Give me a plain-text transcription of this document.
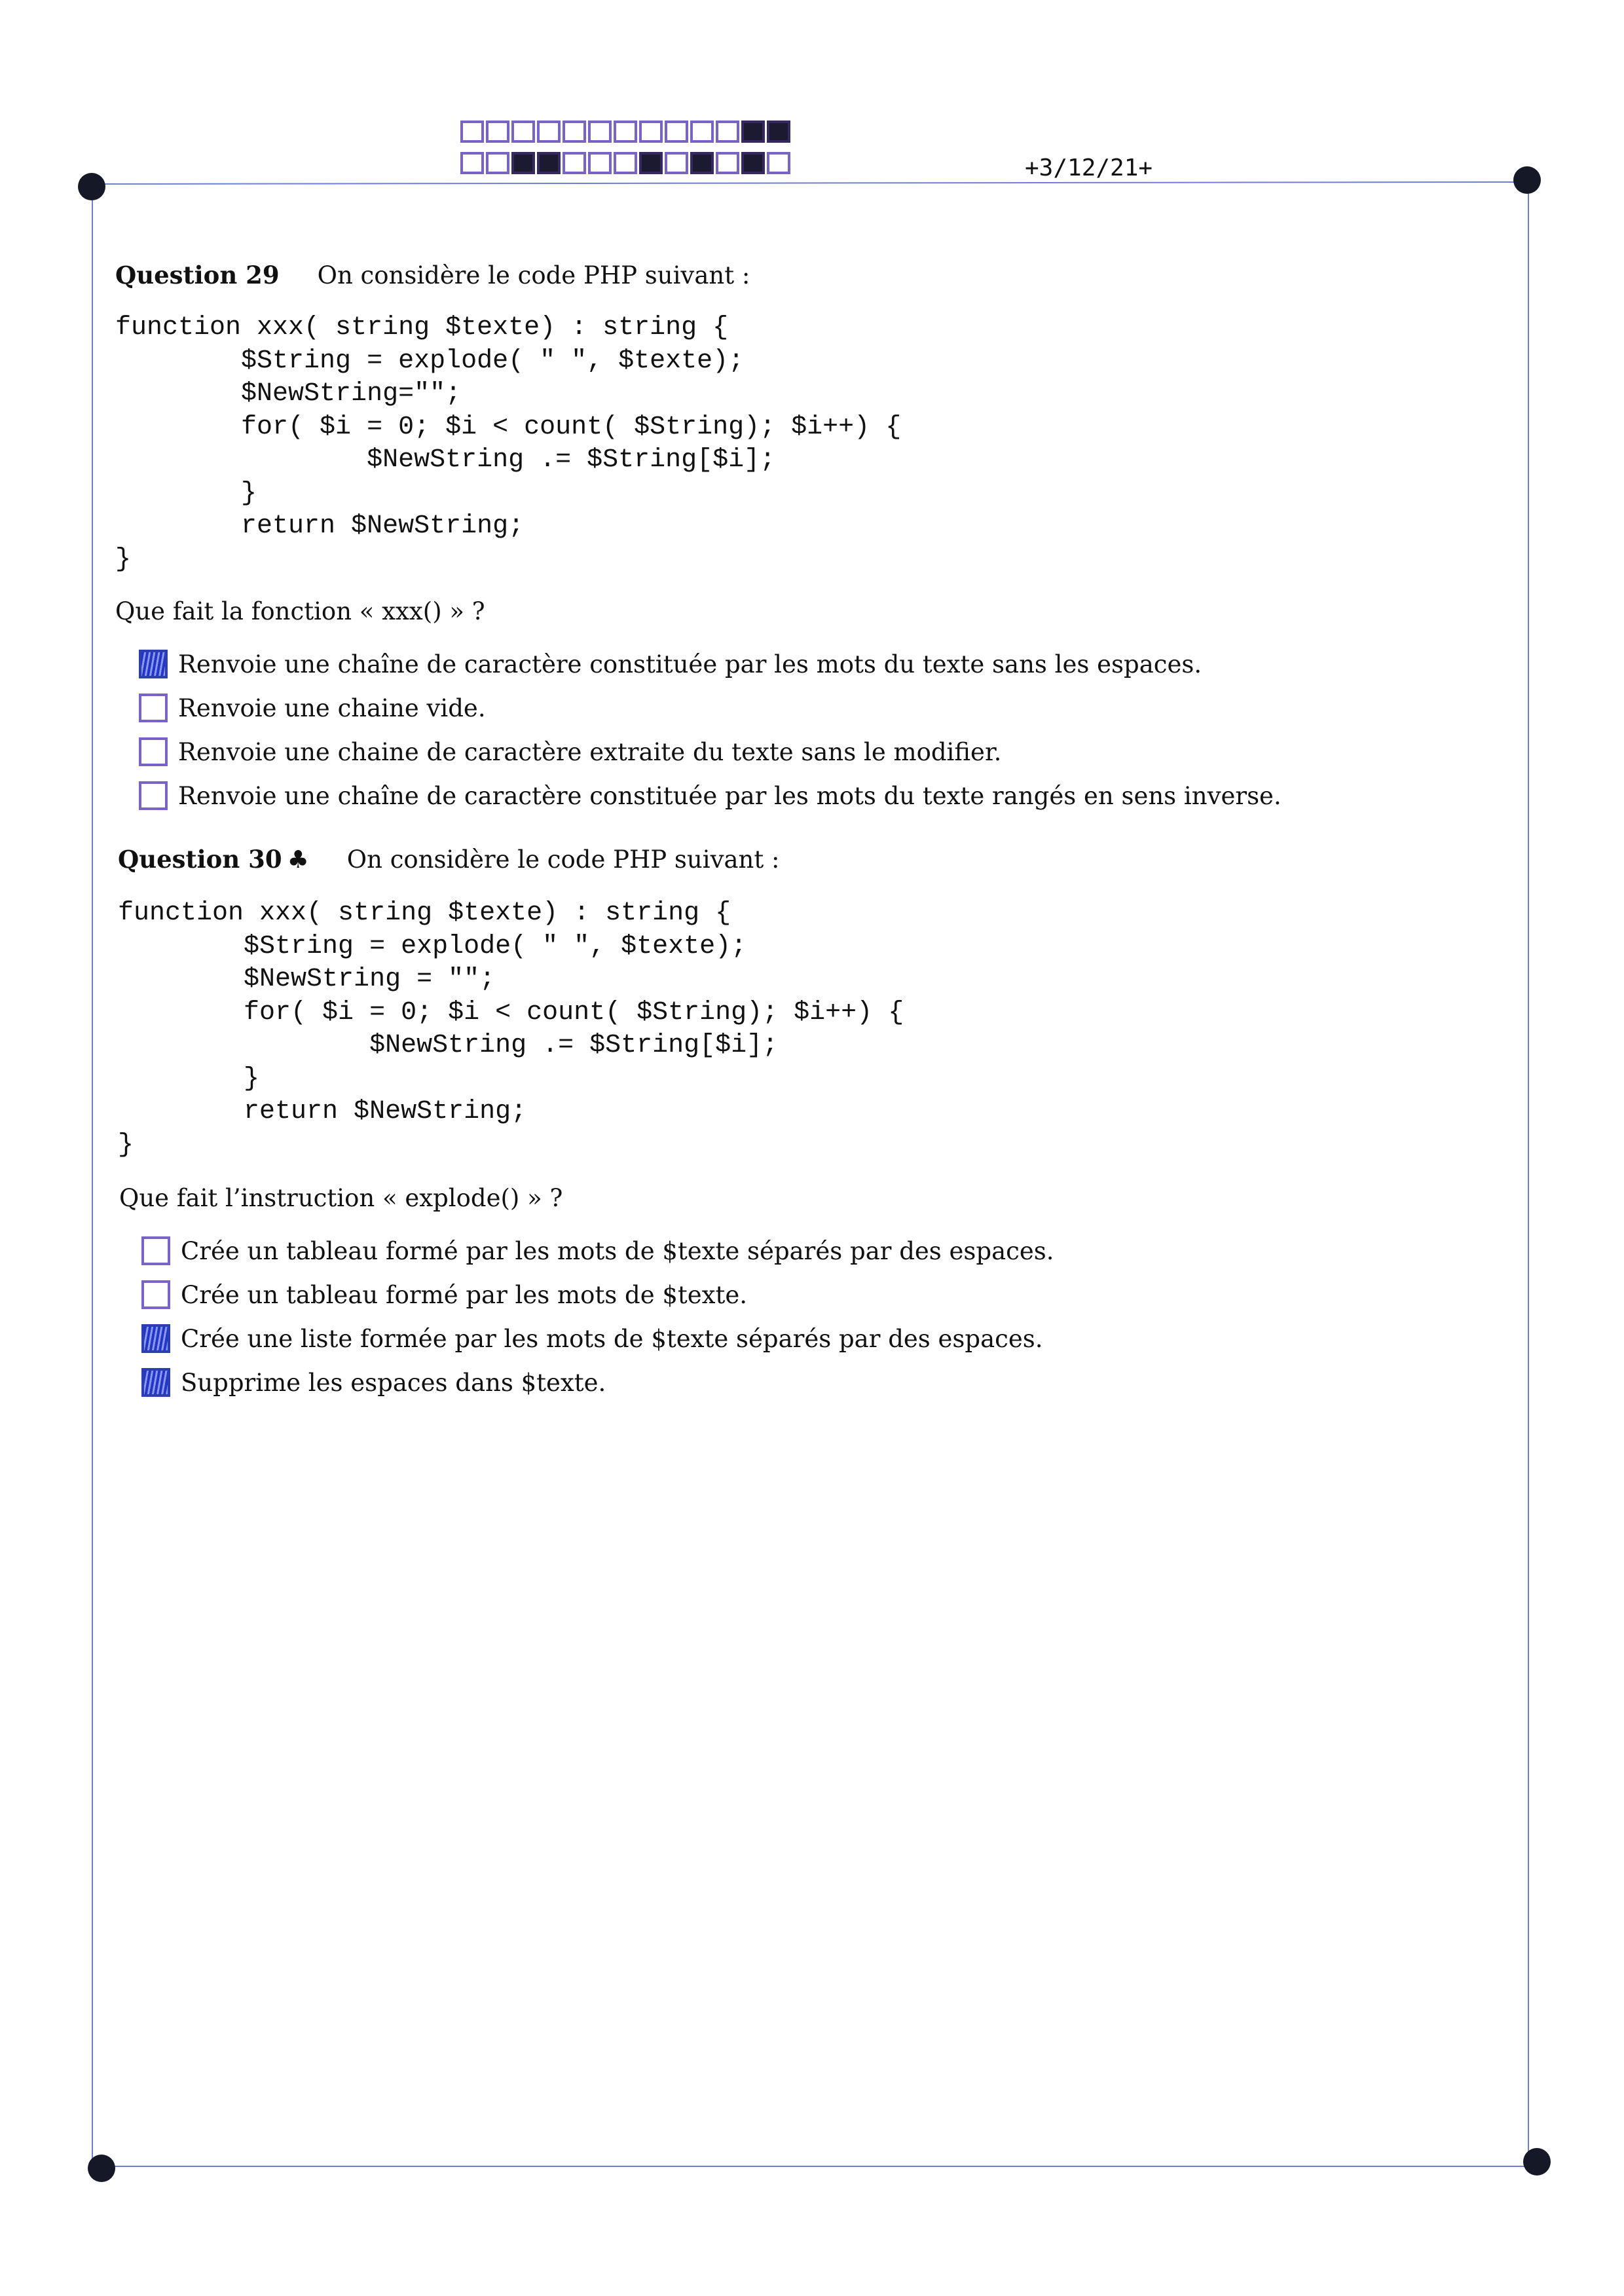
+3/12/21+
Question 29 On considère le code PHP suivant :
function xxx( string $texte) : string {
$String = explode( " ", $texte);
$NewString="";
for( $i = 0; $i < count( $String); $i++) {
$NewString .= $String[$i];
}
return $NewString;
}
Que fait la fonction « xxx() » ?
Renvoie une chaîne de caractère constituée par les mots du texte sans les espaces.
Renvoie une chaine vide.
Renvoie une chaine de caractère extraite du texte sans le modifier.
Renvoie une chaîne de caractère constituée par les mots du texte rangés en sens inverse.
Question 30 ♣ On considère le code PHP suivant :
function xxx( string $texte) : string {
$String = explode( " ", $texte);
$NewString = "";
for( $i = 0; $i < count( $String); $i++) {
$NewString .= $String[$i];
}
return $NewString;
}
Que fait l’instruction « explode() » ?
Crée un tableau formé par les mots de $texte séparés par des espaces.
Crée un tableau formé par les mots de $texte.
Crée une liste formée par les mots de $texte séparés par des espaces.
Supprime les espaces dans $texte.
